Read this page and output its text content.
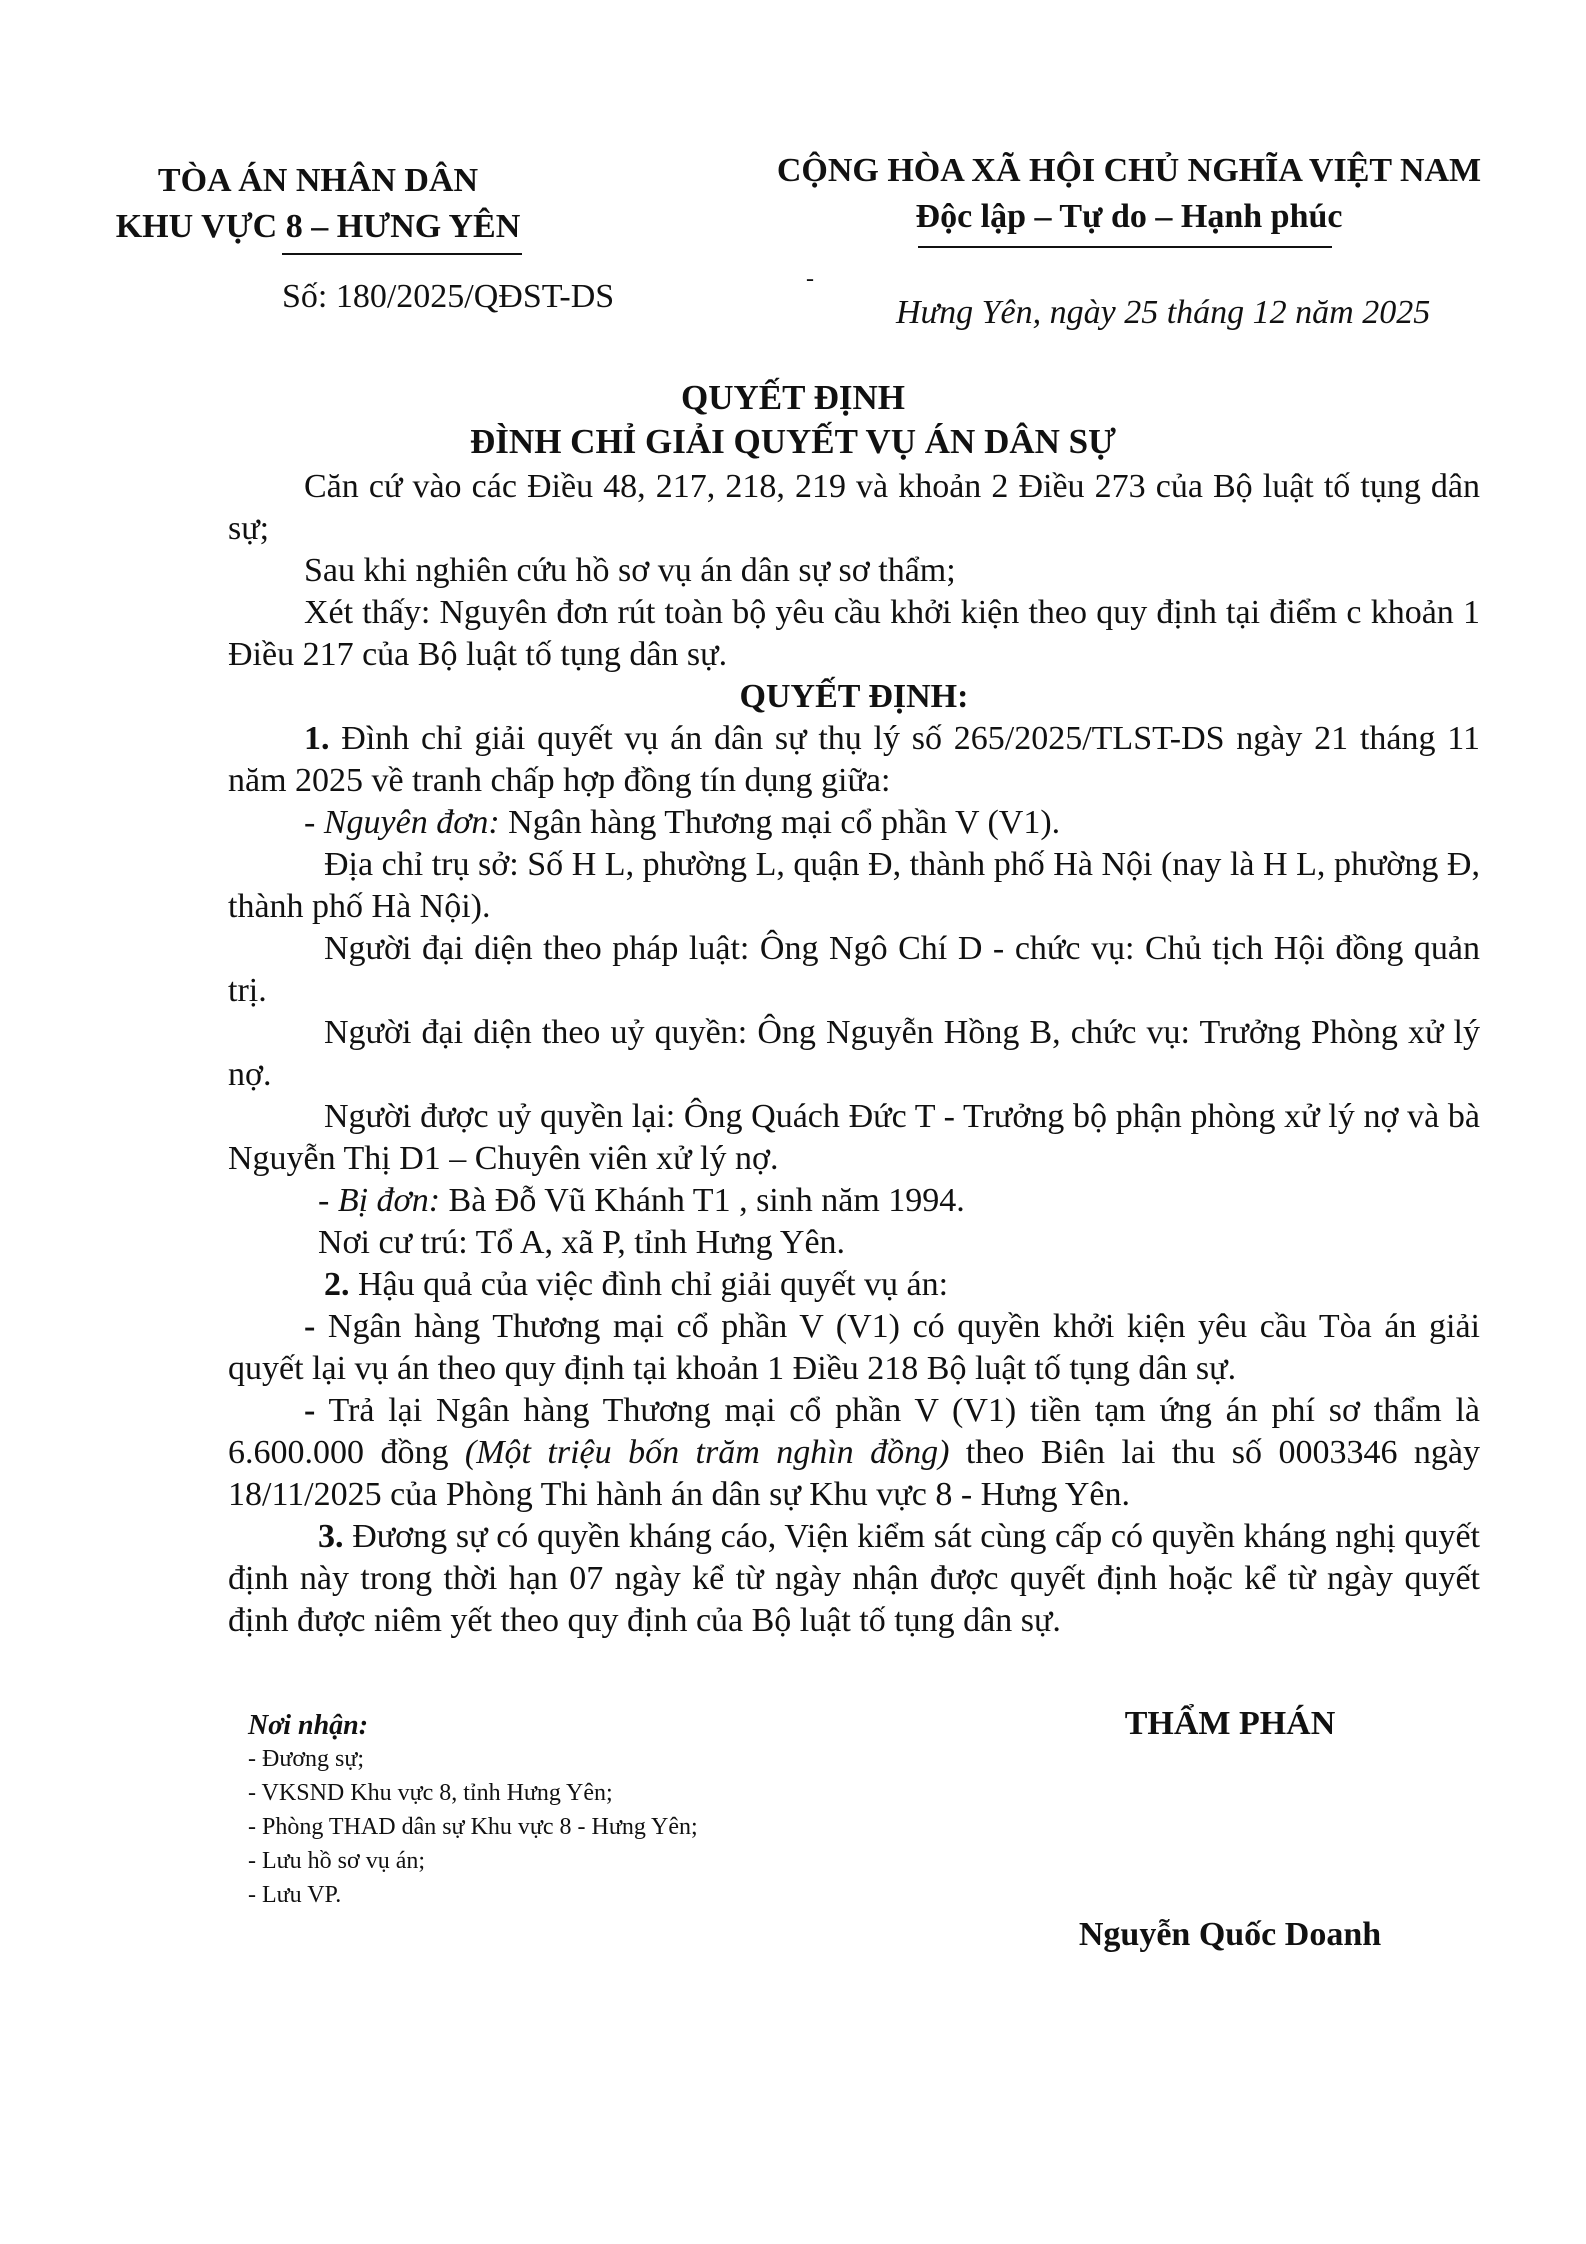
TÒA ÁN NHÂN DÂN
KHU VỰC 8 – HƯNG YÊN
Số: 180/2025/QĐST-DS
CỘNG HÒA XÃ HỘI CHỦ NGHĨA VIỆT NAM
Độc lập – Tự do – Hạnh phúc
-
Hưng Yên, ngày 25 tháng 12 năm 2025
QUYẾT ĐỊNH
ĐÌNH CHỈ GIẢI QUYẾT VỤ ÁN DÂN SỰ

Căn cứ vào các Điều 48, 217, 218, 219 và khoản 2 Điều 273 của Bộ luật tố tụng dân sự;

Sau khi nghiên cứu hồ sơ vụ án dân sự sơ thẩm;

Xét thấy: Nguyên đơn rút toàn bộ yêu cầu khởi kiện theo quy định tại điểm c khoản 1 Điều 217 của Bộ luật tố tụng dân sự.

QUYẾT ĐỊNH:

1. Đình chỉ giải quyết vụ án dân sự thụ lý số 265/2025/TLST-DS ngày 21 tháng 11 năm 2025 về tranh chấp hợp đồng tín dụng giữa:

- Nguyên đơn: Ngân hàng Thương mại cổ phần V (V1).

Địa chỉ trụ sở: Số H L, phường L, quận Đ, thành phố Hà Nội (nay là H L, phường Đ, thành phố Hà Nội).

Người đại diện theo pháp luật: Ông Ngô Chí D - chức vụ: Chủ tịch Hội đồng quản trị.

Người đại diện theo uỷ quyền: Ông Nguyễn Hồng B, chức vụ: Trưởng Phòng xử lý nợ.

Người được uỷ quyền lại: Ông Quách Đức T - Trưởng bộ phận phòng xử lý nợ và bà Nguyễn Thị D1 – Chuyên viên xử lý nợ.

- Bị đơn: Bà Đỗ Vũ Khánh T1 , sinh năm 1994.

Nơi cư trú: Tổ A, xã P, tỉnh Hưng Yên.

2. Hậu quả của việc đình chỉ giải quyết vụ án:

- Ngân hàng Thương mại cổ phần V (V1) có quyền khởi kiện yêu cầu Tòa án giải quyết lại vụ án theo quy định tại khoản 1 Điều 218 Bộ luật tố tụng dân sự.

- Trả lại Ngân hàng Thương mại cổ phần V (V1) tiền tạm ứng án phí sơ thẩm là 6.600.000 đồng (Một triệu bốn trăm nghìn đồng) theo Biên lai thu số 0003346 ngày 18/11/2025 của Phòng Thi hành án dân sự Khu vực 8 - Hưng Yên.

3. Đương sự có quyền kháng cáo, Viện kiểm sát cùng cấp có quyền kháng nghị quyết định này trong thời hạn 07 ngày kể từ ngày nhận được quyết định hoặc kể từ ngày quyết định được niêm yết theo quy định của Bộ luật tố tụng dân sự.

Nơi nhận:
- Đương sự;
- VKSND Khu vực 8, tỉnh Hưng Yên;
- Phòng THAD dân sự Khu vực 8 - Hưng Yên;
- Lưu hồ sơ vụ án;
- Lưu VP.
THẨM PHÁN
Nguyễn Quốc Doanh
